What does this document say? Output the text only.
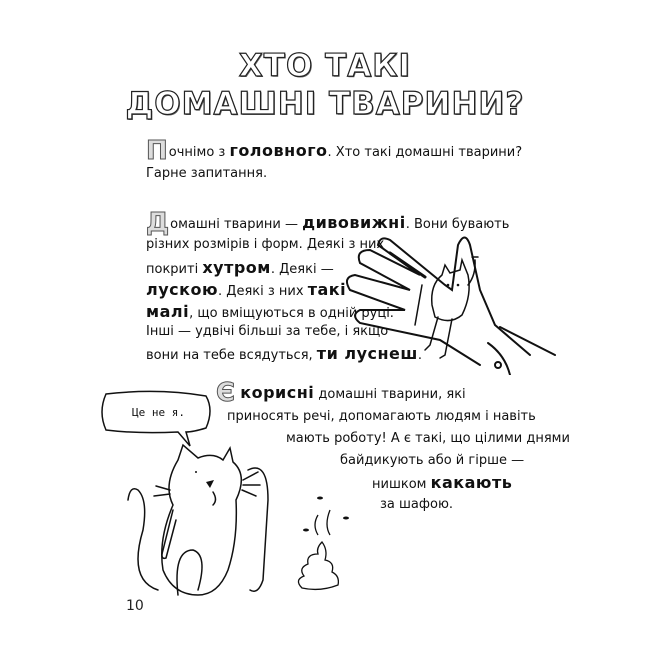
ХТО ТАКІ
ДОМАШНІ ТВАРИНИ?
Почнімо з головного. Хто такі домашні тварини?
Гарне запитання.
Домашні тварини — дивовижні. Вони бувають
різних розмірів і форм. Деякі з них
покриті хутром. Деякі —
лускою. Деякі з них такі
малі, що вміщуються в одній руці.
Інші — удвічі більші за тебе, і якщо
вони на тебе всядуться, ти луснеш.
Є корисні домашні тварини, які
приносять речі, допомагають людям і навіть
мають роботу! А є такі, що цілими днями
байдикують або й гірше —
нишком какають
за шафою.
Це не я.
10
